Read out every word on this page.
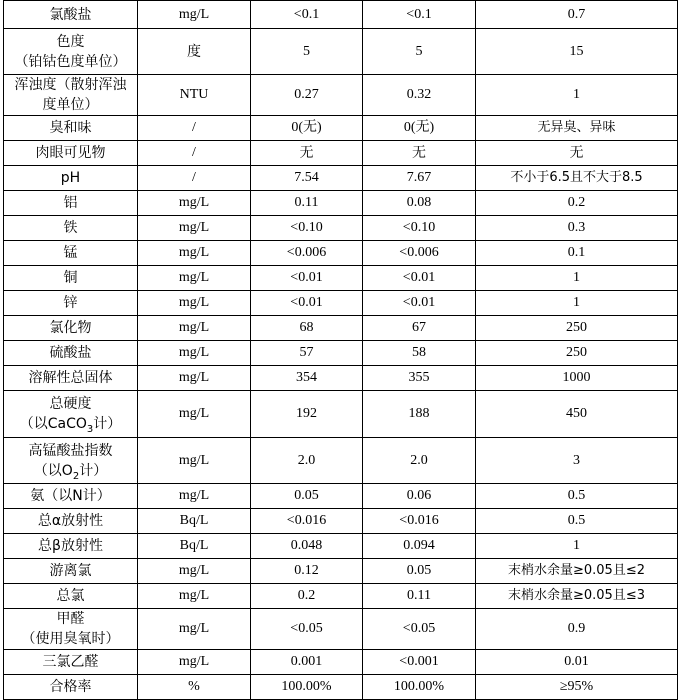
氯酸盐	mg/L	<0.1	<0.1	0.7

色度
（铂钴色度单位）	度	5	5	15

浑浊度（散射浑浊
度单位）	NTU	0.27	0.32	1
臭和味	/	0(无)	0(无)	无异臭、异味
肉眼可见物	/	无	无	无
pH	/	7.54	7.67	不小于6.5且不大于8.5
铝	mg/L	0.11	0.08	0.2
铁	mg/L	<0.10	<0.10	0.3
锰	mg/L	<0.006	<0.006	0.1
铜	mg/L	<0.01	<0.01	1
锌	mg/L	<0.01	<0.01	1
氯化物	mg/L	68	67	250
硫酸盐	mg/L	57	58	250
溶解性总固体	mg/L	354	355	1000

总硬度
（以CaCO$_3$计）	mg/L	192	188	450

高锰酸盐指数
（以$O_2$计）	mg/L	2.0	2.0	3
氨（以N计）	mg/L	0.05	0.06	0.5
总α放射性	Bq/L	<0.016	<0.016	0.5
总β放射性	Bq/L	0.048	0.094	1
游离氯	mg/L	0.12	0.05	末梢水余量≥0.05且≤2
总氯	mg/L	0.2	0.11	末梢水余量≥0.05且≤3

甲醛
（使用臭氧时）	mg/L	<0.05	<0.05	0.9
三氯乙醛	mg/L	0.001	<0.001	0.01
合格率	%	100.00%	100.00%	≥95%
